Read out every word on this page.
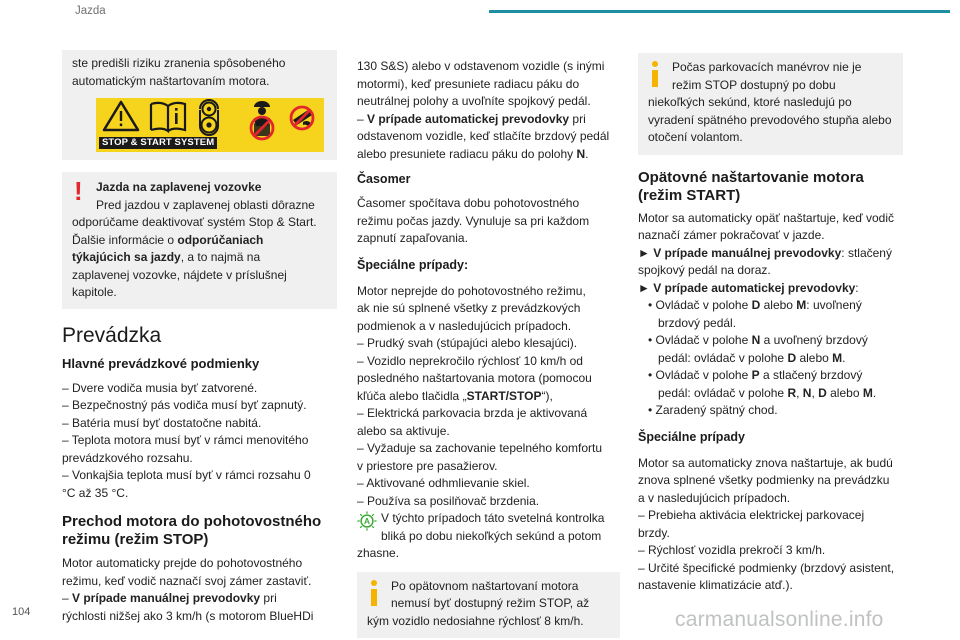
Jazda

ste predišli riziku zranenia spôsobeného

automatickým naštartovaním motora.

STOP & START SYSTEM
! Jazda na zaplavenej vozovke

Pred jazdou v zaplavenej oblasti dôrazne

odporúčame deaktivovať systém Stop & Start.

Ďalšie informácie o odporúčaniach

týkajúcich sa jazdy, a to najmä na

zaplavenej vozovke, nájdete v príslušnej

kapitole.

Prevádzka
Hlavné prevádzkové podmienky

– Dvere vodiča musia byť zatvorené.

– Bezpečnostný pás vodiča musí byť zapnutý.

– Batéria musí byť dostatočne nabitá.

– Teplota motora musí byť v rámci menovitého

prevádzkového rozsahu.

– Vonkajšia teplota musí byť v rámci rozsahu 0

°C až 35 °C.

Prechod motora do pohotovostného
režimu (režim STOP)

Motor automaticky prejde do pohotovostného

režimu, keď vodič naznačí svoj zámer zastaviť.

– V prípade manuálnej prevodovky pri

rýchlosti nižšej ako 3 km/h (s motorom BlueHDi

130 S&S) alebo v odstavenom vozidle (s inými

motormi), keď presuniete radiacu páku do

neutrálnej polohy a uvoľníte spojkový pedál.

– V prípade automatickej prevodovky pri

odstavenom vozidle, keď stlačíte brzdový pedál

alebo presuniete radiacu páku do polohy N.

Časomer

Časomer spočítava dobu pohotovostného

režimu počas jazdy. Vynuluje sa pri každom

zapnutí zapaľovania.

Špeciálne prípady:

Motor neprejde do pohotovostného režimu,

ak nie sú splnené všetky z prevádzkových

podmienok a v nasledujúcich prípadoch.

– Prudký svah (stúpajúci alebo klesajúci).

– Vozidlo neprekročilo rýchlosť 10 km/h od

posledného naštartovania motora (pomocou

kľúča alebo tlačidla „START/STOP“),

– Elektrická parkovacia brzda je aktivovaná

alebo sa aktivuje.

– Vyžaduje sa zachovanie tepelného komfortu

v priestore pre pasažierov.

– Aktivované odhmlievanie skiel.

– Používa sa posilňovač brzdenia.

A V týchto prípadoch táto svetelná kontrolka

bliká po dobu niekoľkých sekúnd a potom

zhasne.

Po opätovnom naštartovaní motora

nemusí byť dostupný režim STOP, až

kým vozidlo nedosiahne rýchlosť 8 km/h.

Počas parkovacích manévrov nie je

režim STOP dostupný po dobu

niekoľkých sekúnd, ktoré nasledujú po

vyradení spätného prevodového stupňa alebo

otočení volantom.

Opätovné naštartovanie motora
(režim START)

Motor sa automaticky opäť naštartuje, keď vodič

naznačí zámer pokračovať v jazde.

► V prípade manuálnej prevodovky: stlačený

spojkový pedál na doraz.

► V prípade automatickej prevodovky:

• Ovládač v polohe D alebo M: uvoľnený

brzdový pedál.

• Ovládač v polohe N a uvoľnený brzdový

pedál: ovládač v polohe D alebo M.

• Ovládač v polohe P a stlačený brzdový

pedál: ovládač v polohe R, N, D alebo M.

• Zaradený spätný chod.

Špeciálne prípady

Motor sa automaticky znova naštartuje, ak budú

znova splnené všetky podmienky na prevádzku

a v nasledujúcich prípadoch.

– Prebieha aktivácia elektrickej parkovacej

brzdy.

– Rýchlosť vozidla prekročí 3 km/h.

– Určité špecifické podmienky (brzdový asistent,

nastavenie klimatizácie atď.).

104	carmanualsonline.info
